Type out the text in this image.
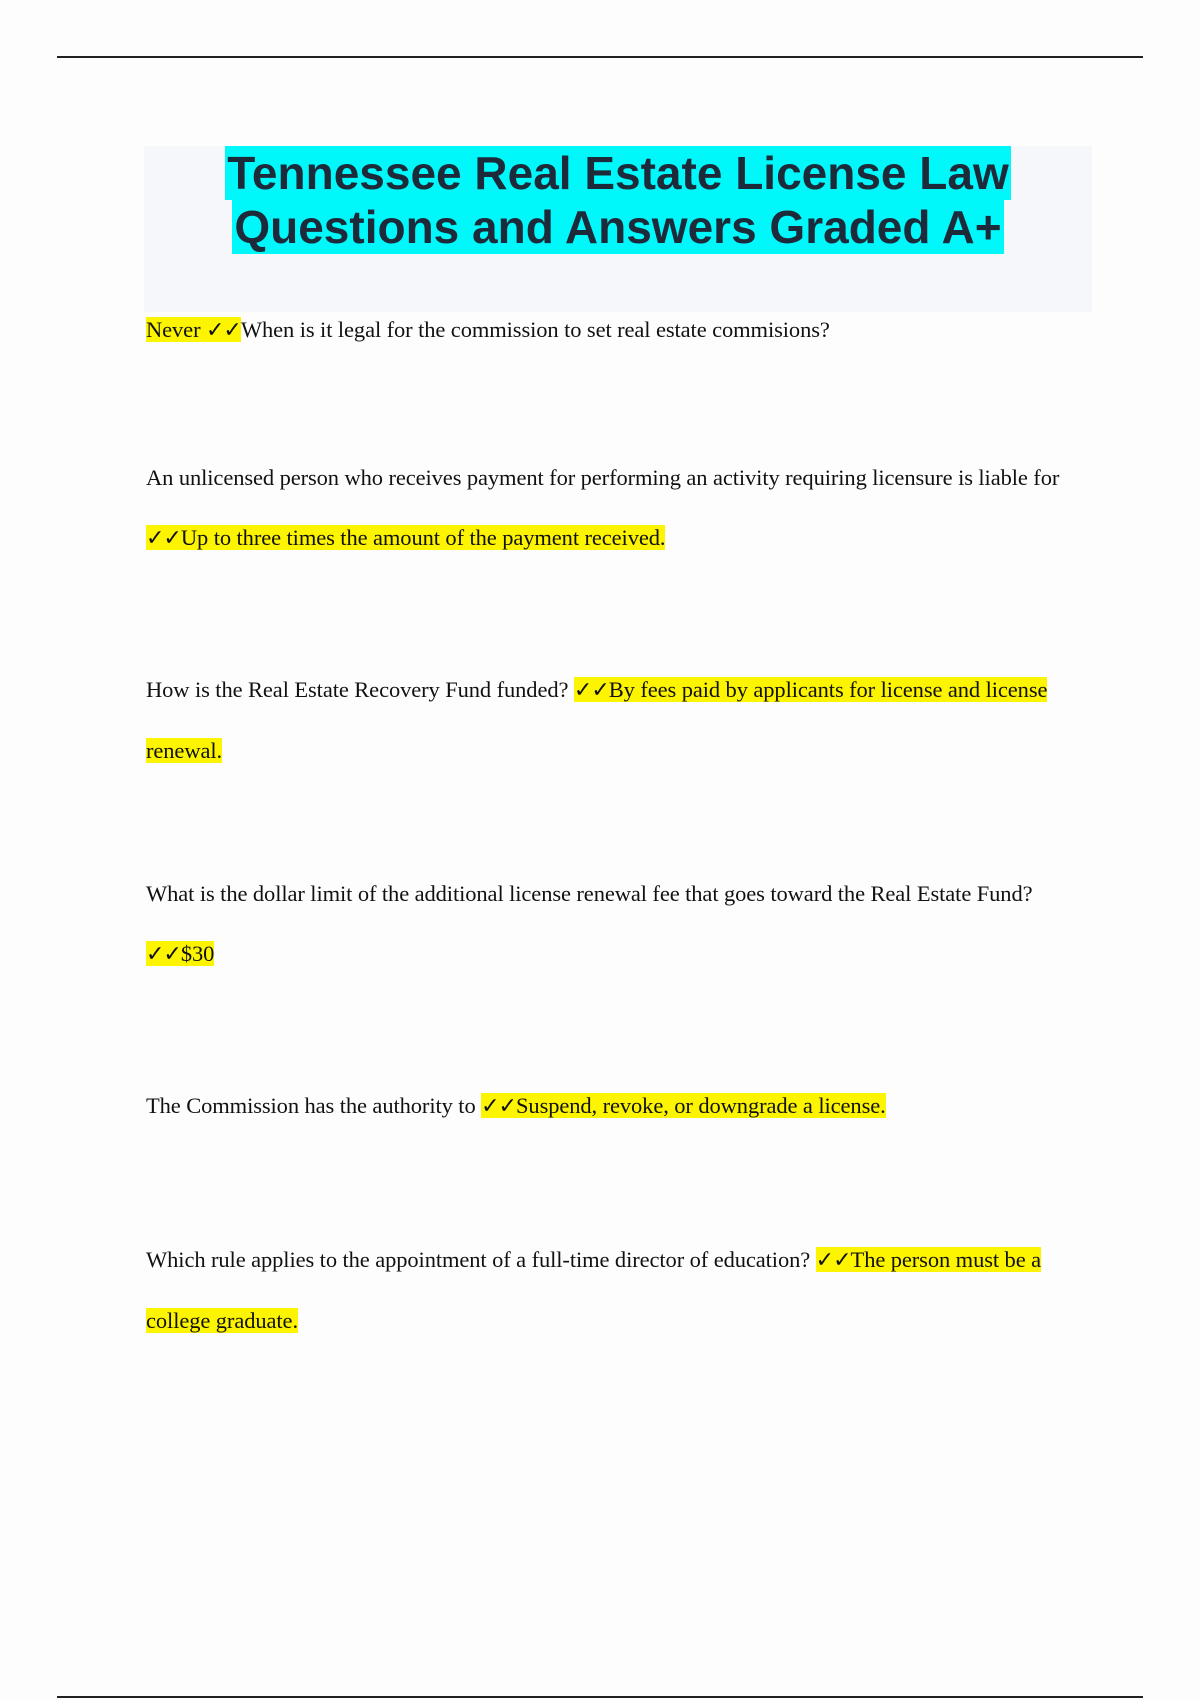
Tennessee Real Estate License Law
Questions and Answers Graded A+
Never ✓✓When is it legal for the commission to set real estate commisions?
An unlicensed person who receives payment for performing an activity requiring licensure is liable for ✓✓Up to three times the amount of the payment received.
How is the Real Estate Recovery Fund funded? ✓✓By fees paid by applicants for license and license renewal.
What is the dollar limit of the additional license renewal fee that goes toward the Real Estate Fund? ✓✓$30
The Commission has the authority to ✓✓Suspend, revoke, or downgrade a license.
Which rule applies to the appointment of a full-time director of education? ✓✓The person must be a college graduate.
